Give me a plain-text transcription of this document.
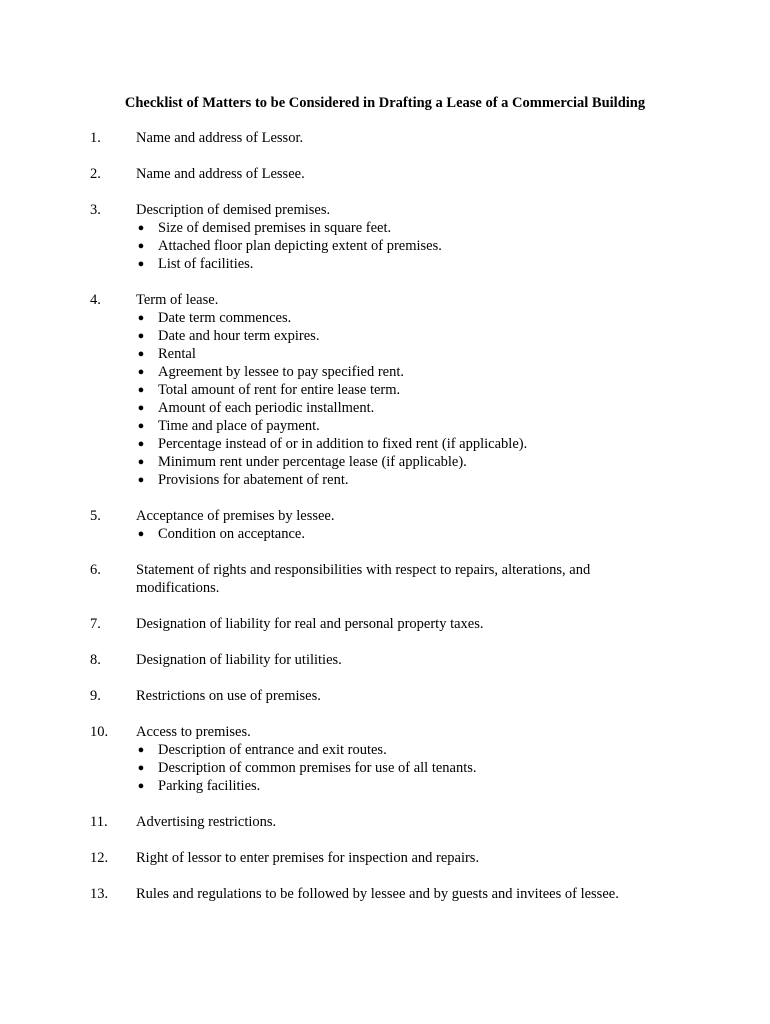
Checklist of Matters to be Considered in Drafting a Lease of a Commercial Building
1.	Name and address of Lessor.
2.	Name and address of Lessee.
3.	Description of demised premises.
● Size of demised premises in square feet.
● Attached floor plan depicting extent of premises.
● List of facilities.
4.	Term of lease.
● Date term commences.
● Date and hour term expires.
● Rental
● Agreement by lessee to pay specified rent.
● Total amount of rent for entire lease term.
● Amount of each periodic installment.
● Time and place of payment.
● Percentage instead of or in addition to fixed rent (if applicable).
● Minimum rent under percentage lease (if applicable).
● Provisions for abatement of rent.
5.	Acceptance of premises by lessee.
● Condition on acceptance.
6.	Statement of rights and responsibilities with respect to repairs, alterations, and modifications.
7.	Designation of liability for real and personal property taxes.
8.	Designation of liability for utilities.
9.	Restrictions on use of premises.
10.	Access to premises.
● Description of entrance and exit routes.
● Description of common premises for use of all tenants.
● Parking facilities.
11.	Advertising restrictions.
12.	Right of lessor to enter premises for inspection and repairs.
13.	Rules and regulations to be followed by lessee and by guests and invitees of lessee.
